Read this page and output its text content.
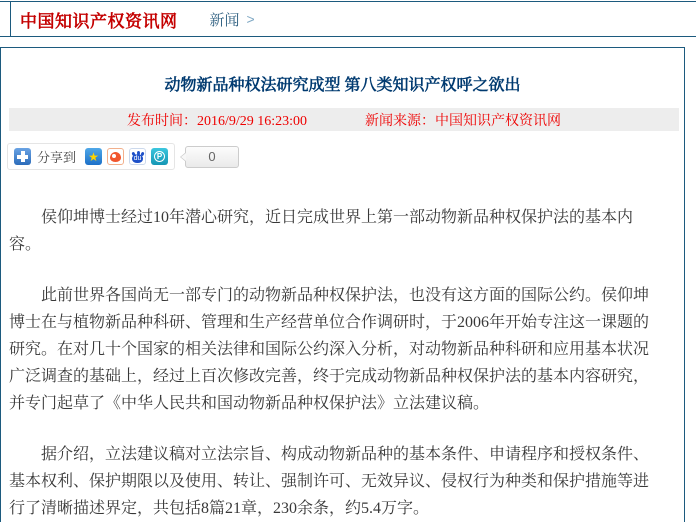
中国知识产权资讯网 新闻 >
动物新品种权法研究成型 第八类知识产权呼之欲出
发布时间：2016/9/29 16:23:00	新闻来源：中国知识产权资讯网
分享到 ★	du	P	0

侯仰坤博士经过10年潜心研究，近日完成世界上第一部动物新品种权保护法的基本内容。

此前世界各国尚无一部专门的动物新品种权保护法，也没有这方面的国际公约。侯仰坤博士在与植物新品种科研、管理和生产经营单位合作调研时，于2006年开始专注这一课题的研究。在对几十个国家的相关法律和国际公约深入分析，对动物新品种科研和应用基本状况广泛调查的基础上，经过上百次修改完善，终于完成动物新品种权保护法的基本内容研究，并专门起草了《中华人民共和国动物新品种权保护法》立法建议稿。

据介绍，立法建议稿对立法宗旨、构成动物新品种的基本条件、申请程序和授权条件、基本权利、保护期限以及使用、转让、强制许可、无效异议、侵权行为种类和保护措施等进行了清晰描述界定，共包括8篇21章，230余条，约5.4万字。
